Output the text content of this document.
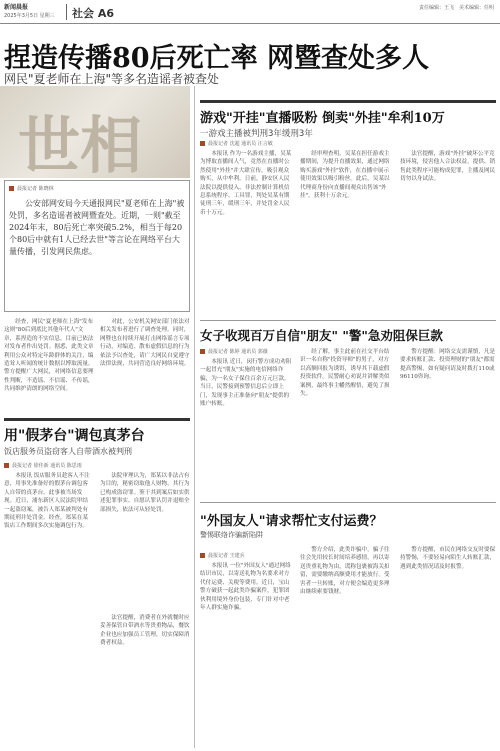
新闻晨报
2025年3月5日 星期三 社会 A6	责任编辑：王飞　美术编辑：任明
捏造传播80后死亡率 网暨查处多人
网民"夏老师在上海"等多名造谣者被查处
世相
晨报记者 陈晓林

公安部网安局今天通报网民"夏老师在上海"被处罚，多名造谣者被网暨查处。近期，一则"截至2024年末，80后死亡率突破5.2%，相当于每20个80后中就有1人已经去世"等言论在网络平台大量传播，引发网民焦虑。

经查，网民"夏老师在上海"发布这则"80后到底比其他年代人"文章，系捏造的不实信息，目前已依法对发布者作出处罚。据悉，此类文章利用公众对特定年龄群体的关注，编造耸人听闻的统计数据以博取流量。警方提醒广大网民，对网络信息要理性判断，不造谣、不信谣、不传谣，共同维护清朗的网络空间。
对此，公安机关网安部门依法对相关发布者进行了调查处理。同时，网暨也在持续开展打击网络谣言专项行动，对编造、散布虚假信息的行为依法予以查处，请广大网民自觉遵守法律法规，共同营造良好网络环境。
用"假茅台"调包真茅台
饭店服务员盗窃客人自带酒水被判刑
晨报记者 徐佳新 通讯员 陈思雨
本报讯 饭店服务员趁客人不注意，用事先准备好的假茅台调包客人自带的真茅台，此事被当场发现。近日，浦东新区人民法院审结一起盗窃案，被告人郑某被判处有期徒刑并处罚金。经查，郑某在某饭店工作期间多次实施调包行为。
法院审理认为，郑某以非法占有为目的，秘密窃取他人财物，其行为已构成盗窃罪。鉴于其到案后如实供述犯罪事实、自愿认罪认罚并退赔全部损失，依法可从轻处罚。
法官提醒，消费者在外就餐时应妥善保管自带酒水等贵重物品，餐饮企业也应加强员工管理，切实保障消费者权益。
游戏"开挂"直播吸粉 倒卖"外挂"牟利10万
一游戏主播被判刑3年缓刑3年
晨报记者 沈超 通讯员 汪言敏
本报讯 作为一名游戏主播，吴某为博取直播间人气，竟然在直播时公然使用"外挂"并大肆宣传，吸引观众购买，从中牟利。日前，静安区人民法院以提供侵入、非法控制计算机信息系统程序、工具罪，判处吴某有期徒刑三年，缓刑三年，并处罚金人民币十万元。
经审理查明，吴某在担任游戏主播期间，为提升直播效果，通过网络购买游戏"外挂"软件，在直播中展示使用效果以吸引粉丝。此后，吴某以代理商身份向直播间观众出售该"外挂"，获利十万余元。
法官提醒，游戏"外挂"破坏公平竞技环境，侵害他人合法权益，提供、销售此类程序可能构成犯罪，主播及网民切勿以身试法。
女子收现百万自信"朋友" "警"急劝阻保巨款
晨报记者 陈婷 通讯员 郭薇
本报讯 近日，闵行警方成功劝阻一起冒充"朋友"实施的电信网络诈骗，为一名女子保住百余万元巨款。当日，民警接到预警信息后立即上门，发现事主正准备向"朋友"提供的账户转账。
经了解，事主此前在社交平台结识一名自称"投资导师"的男子，对方以高额回报为诱饵，诱导其下载虚假投资软件。民警耐心劝说并讲解类似案例，最终事主幡然醒悟，避免了损失。
警方提醒：网络交友需谨慎，凡是要求转账汇款、投资理财的"朋友"都需提高警惕，如有疑问请及时拨打110或96110咨询。
"外国友人"请求帮忙支付运费？
警惕联络诈骗新陷阱
晨报记者 王建兵
本报讯 一位"外国友人"通过网络结识市民，以寄送礼物为名要求对方代付运费、关税等费用。近日，宝山警方破获一起此类诈骗案件，犯罪团伙利用境外身份包装，专门针对中老年人群实施诈骗。
警方介绍，此类诈骗中，骗子往往会先用较长时间培养感情，再以寄送贵重礼物为由，谎称包裹被海关扣留，需要缴纳高额费用才能放行。受害者一旦转账，对方便会编造更多理由继续索要钱财。
警方提醒，市民在网络交友时要保持警惕，不要轻易向陌生人转账汇款，遇到此类情况请及时报警。
